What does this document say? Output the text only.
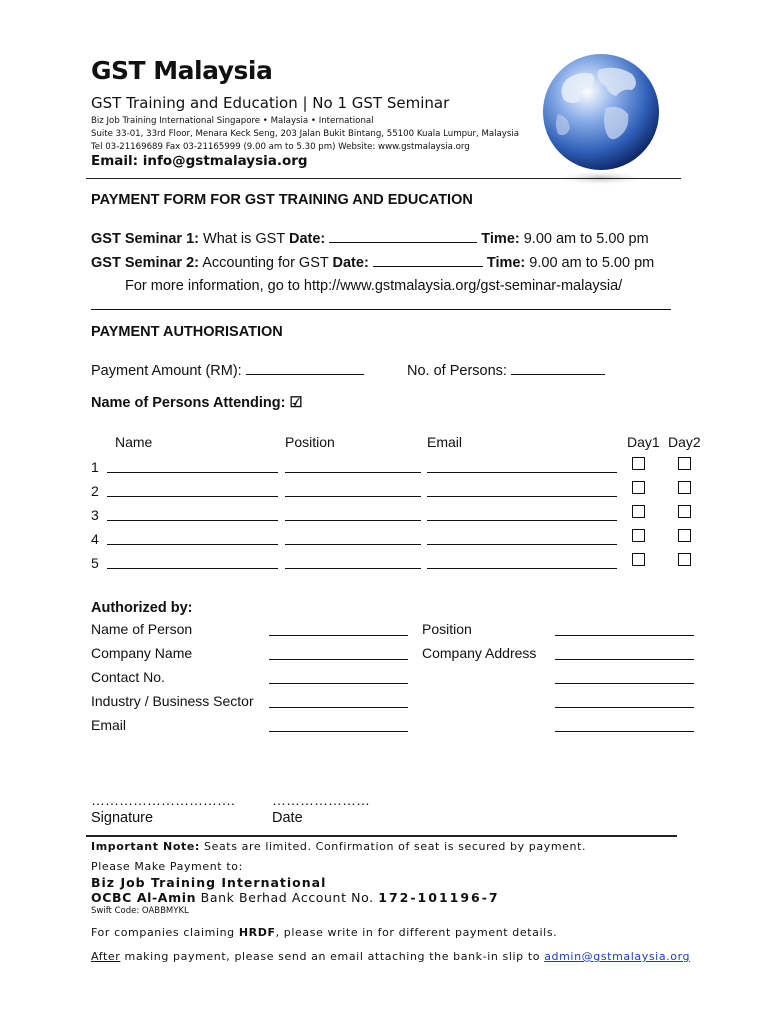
GST Malaysia
GST Training and Education | No 1 GST Seminar
Biz Job Training International Singapore • Malaysia • International
Suite 33-01, 33rd Floor, Menara Keck Seng, 203 Jalan Bukit Bintang, 55100 Kuala Lumpur, Malaysia
Tel 03-21169689 Fax 03-21165999 (9.00 am to 5.30 pm) Website: www.gstmalaysia.org
Email: info@gstmalaysia.org
PAYMENT FORM FOR GST TRAINING AND EDUCATION
GST Seminar 1: What is GST Date:	Time: 9.00 am to 5.00 pm
GST Seminar 2: Accounting for GST Date:	Time: 9.00 am to 5.00 pm
For more information, go to http://www.gstmalaysia.org/gst-seminar-malaysia/
PAYMENT AUTHORISATION
Payment Amount (RM):	No. of Persons:
Name of Persons Attending: ☑
Name	Position	Email	Day1 Day2
1
2
3
4
5
Authorized by:
Name of Person	Position
Company Name	Company Address
Contact No.
Industry / Business Sector
Email
………………………….	…………………
Signature	Date
Important Note: Seats are limited. Confirmation of seat is secured by payment.
Please Make Payment to:
Biz Job Training International
OCBC Al-Amin Bank Berhad Account No. 172-101196-7
Swift Code: OABBMYKL
For companies claiming HRDF, please write in for different payment details.
After making payment, please send an email attaching the bank-in slip to admin@gstmalaysia.org
